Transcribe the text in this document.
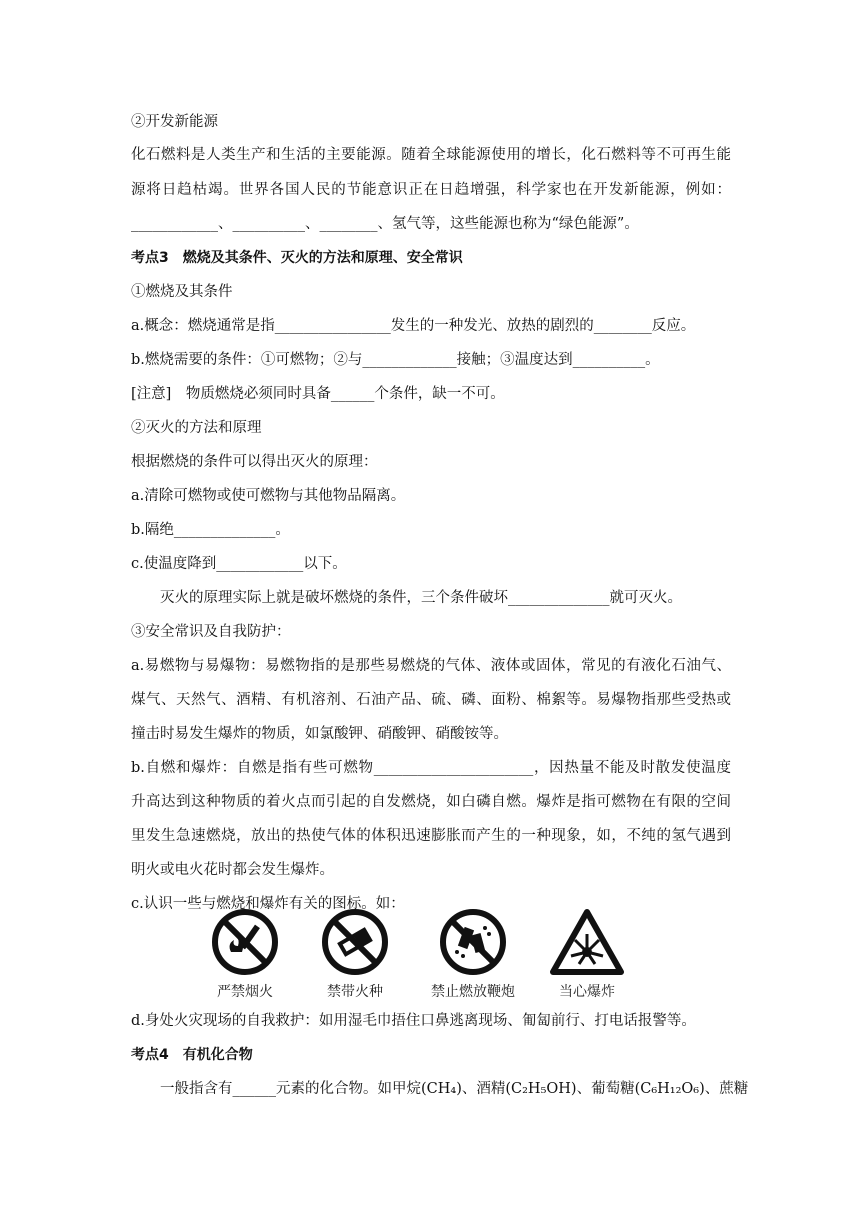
②开发新能源
化石燃料是人类生产和生活的主要能源。随着全球能源使用的增长，化石燃料等不可再生能
源将日趋枯竭。世界各国人民的节能意识正在日趋增强，科学家也在开发新能源，例如：
____________、__________、________、氢气等，这些能源也称为“绿色能源”。
考点3　燃烧及其条件、灭火的方法和原理、安全常识
①燃烧及其条件
a.概念：燃烧通常是指________________发生的一种发光、放热的剧烈的________反应。
b.燃烧需要的条件：①可燃物；②与_____________接触；③温度达到__________。
[注意]　物质燃烧必须同时具备______个条件，缺一不可。
②灭火的方法和原理
根据燃烧的条件可以得出灭火的原理：
a.清除可燃物或使可燃物与其他物品隔离。
b.隔绝______________。
c.使温度降到____________以下。
灭火的原理实际上就是破坏燃烧的条件，三个条件破坏______________就可灭火。
③安全常识及自我防护：
a.易燃物与易爆物：易燃物指的是那些易燃烧的气体、液体或固体，常见的有液化石油气、
煤气、天然气、酒精、有机溶剂、石油产品、硫、磷、面粉、棉絮等。易爆物指那些受热或
撞击时易发生爆炸的物质，如氯酸钾、硝酸钾、硝酸铵等。
b.自燃和爆炸：自燃是指有些可燃物______________________，因热量不能及时散发使温度
升高达到这种物质的着火点而引起的自发燃烧，如白磷自燃。爆炸是指可燃物在有限的空间
里发生急速燃烧，放出的热使气体的体积迅速膨胀而产生的一种现象，如，不纯的氢气遇到
明火或电火花时都会发生爆炸。
c.认识一些与燃烧和爆炸有关的图标。如：
严禁烟火	禁带火种	禁止燃放鞭炮	当心爆炸
d.身处火灾现场的自我救护：如用湿毛巾捂住口鼻逃离现场、匍匐前行、打电话报警等。
考点4　有机化合物
一般指含有______元素的化合物。如甲烷(CH₄)、酒精(C₂H₅OH)、葡萄糖(C₆H₁₂O₆)、蔗糖
